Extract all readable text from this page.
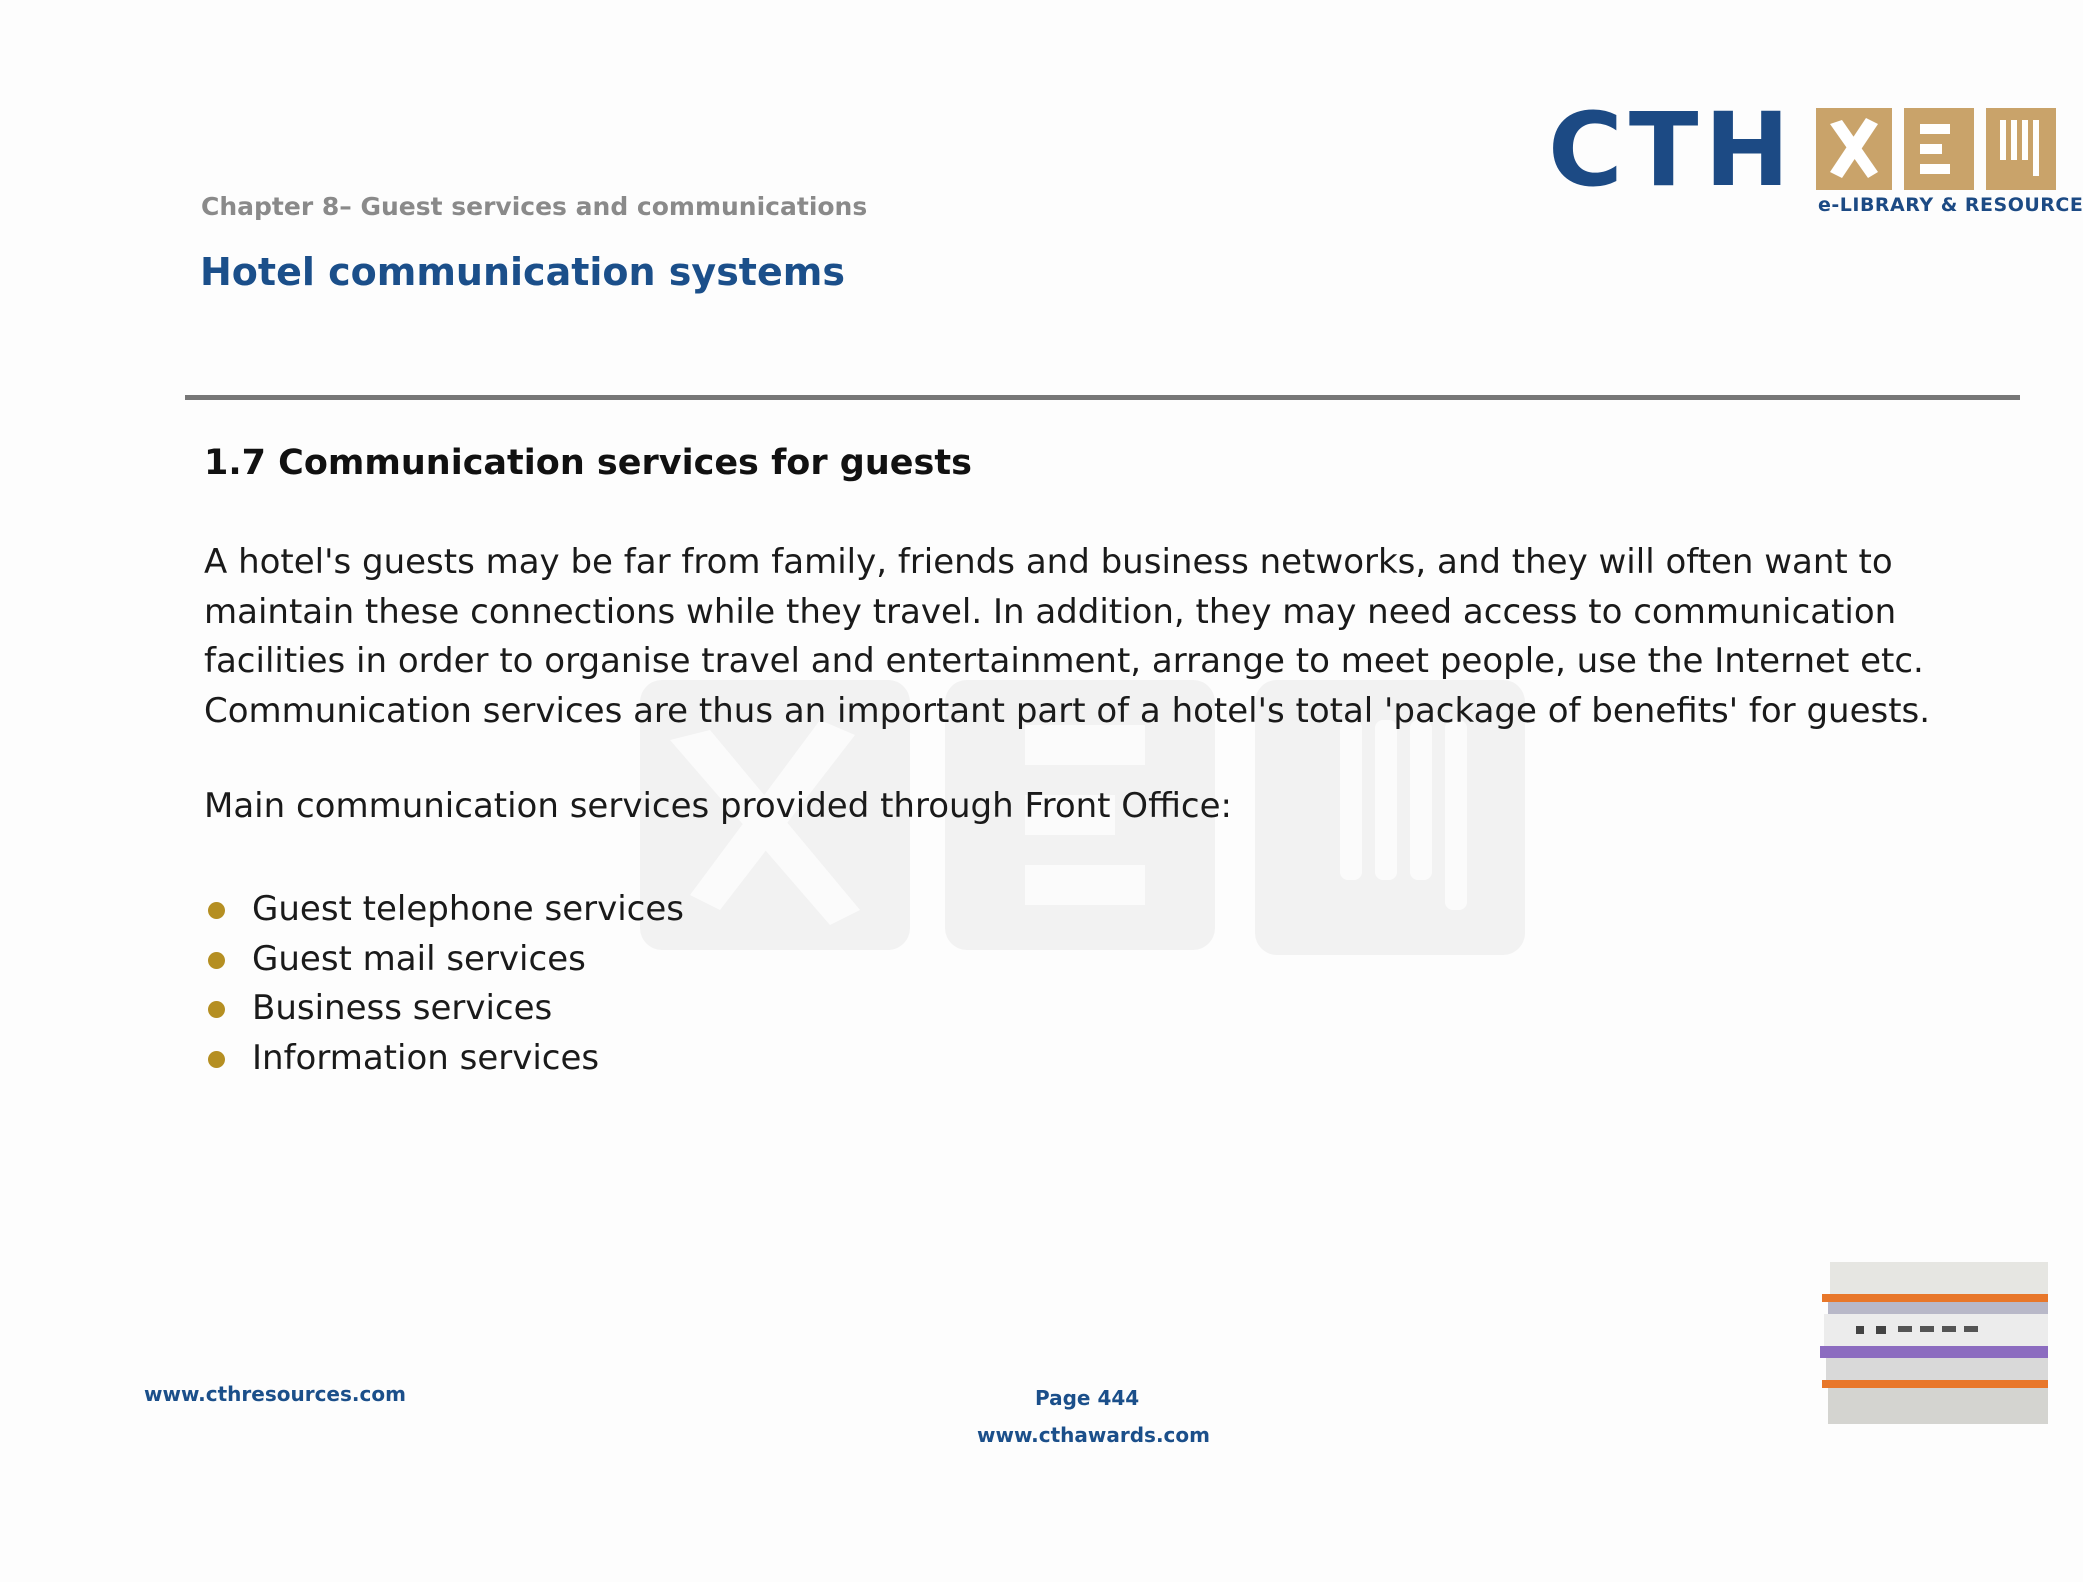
CTH e-LIBRARY & RESOURCE
Chapter 8– Guest services and communications
Hotel communication systems
1.7 Communication services for guests

A hotel's guests may be far from family, friends and business networks, and they will often want to maintain these connections while they travel. In addition, they may need access to communication facilities in order to organise travel and entertainment, arrange to meet people, use the Internet etc. Communication services are thus an important part of a hotel's total 'package of benefits' for guests.

Main communication services provided through Front Office:

Guest telephone services
Guest mail services
Business services
Information services
www.cthresources.com	Page 444
www.cthawards.com
